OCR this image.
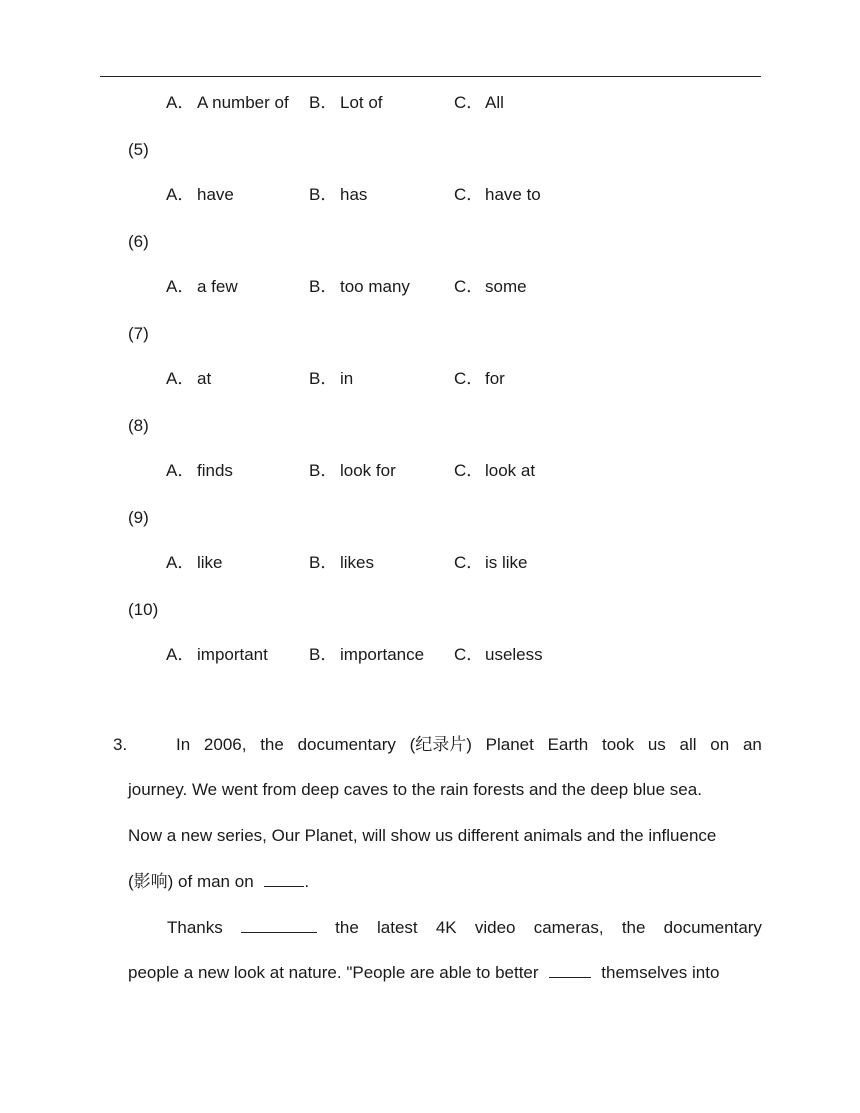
A． A number of B． Lot of	C． All
(5)
A． have	B． has	C． have to
(6)
A． a few	B． too many	C． some
(7)
A． at	B． in	C． for
(8)
A． finds	B． look for	C． look at
(9)
A． like	B． likes	C． is like
(10)
A． important B． importance C． useless
3.	In 2006, the documentary (纪录片) Planet Earth took us all on an
journey. We went from deep caves to the rain forests and the deep blue sea.
Now a new series, Our Planet, will show us different animals and the influence
(影响) of man on	.
Thanks	the latest 4K video cameras, the documentary
people a new look at nature. "People are able to better	themselves into
